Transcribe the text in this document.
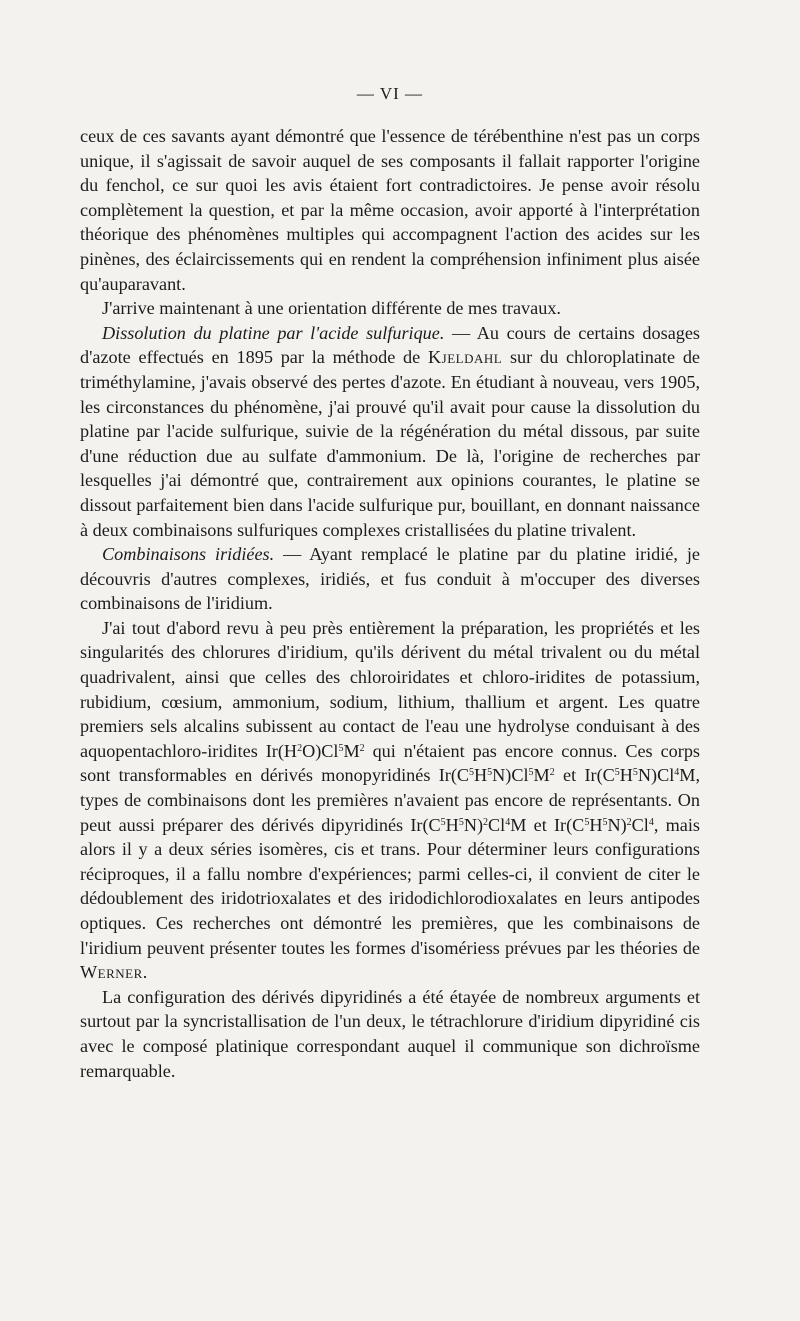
— VI —

ceux de ces savants ayant démontré que l'essence de térébenthine n'est pas un corps unique, il s'agissait de savoir auquel de ses composants il fallait rapporter l'origine du fenchol, ce sur quoi les avis étaient fort contradictoires. Je pense avoir résolu complètement la question, et par la même occasion, avoir apporté à l'interprétation théorique des phénomènes multiples qui accompagnent l'action des acides sur les pinènes, des éclaircissements qui en rendent la compréhension infiniment plus aisée qu'auparavant.

J'arrive maintenant à une orientation différente de mes travaux.

Dissolution du platine par l'acide sulfurique. — Au cours de certains dosages d'azote effectués en 1895 par la méthode de Kjeldahl sur du chloroplatinate de triméthylamine, j'avais observé des pertes d'azote. En étudiant à nouveau, vers 1905, les circonstances du phénomène, j'ai prouvé qu'il avait pour cause la dissolution du platine par l'acide sulfurique, suivie de la régénération du métal dissous, par suite d'une réduction due au sulfate d'ammonium. De là, l'origine de recherches par lesquelles j'ai démontré que, contrairement aux opinions courantes, le platine se dissout parfaitement bien dans l'acide sulfurique pur, bouillant, en donnant naissance à deux combinaisons sulfuriques complexes cristallisées du platine trivalent.

Combinaisons iridiées. — Ayant remplacé le platine par du platine iridié, je découvris d'autres complexes, iridiés, et fus conduit à m'occuper des diverses combinaisons de l'iridium.

J'ai tout d'abord revu à peu près entièrement la préparation, les propriétés et les singularités des chlorures d'iridium, qu'ils dérivent du métal trivalent ou du métal quadrivalent, ainsi que celles des chloroiridates et chloro-iridites de potassium, rubidium, cœsium, ammonium, sodium, lithium, thallium et argent. Les quatre premiers sels alcalins subissent au contact de l'eau une hydrolyse conduisant à des aquopentachloro-iridites $Ir(H^2O)Cl^5M^2$ qui n'étaient pas encore connus. Ces corps sont transformables en dérivés monopyridinés $Ir(C^5H^5N)Cl^5M^2$ et $Ir(C^5H^5N)Cl^4M$, types de combinaisons dont les premières n'avaient pas encore de représentants. On peut aussi préparer des dérivés dipyridinés $Ir(C^5H^5N)^2Cl^4M$ et $Ir(C^5H^5N)^2Cl^4$, mais alors il y a deux séries isomères, cis et trans. Pour déterminer leurs configurations réciproques, il a fallu nombre d'expériences; parmi celles-ci, il convient de citer le dédoublement des iridotrioxalates et des iridodichlorodioxalates en leurs antipodes optiques. Ces recherches ont démontré les premières, que les combinaisons de l'iridium peuvent présenter toutes les formes d'isomériess prévues par les théories de Werner.

La configuration des dérivés dipyridinés a été étayée de nombreux arguments et surtout par la syncristallisation de l'un deux, le tétrachlorure d'iridium dipyridiné cis avec le composé platinique correspondant auquel il communique son dichroïsme remarquable.
